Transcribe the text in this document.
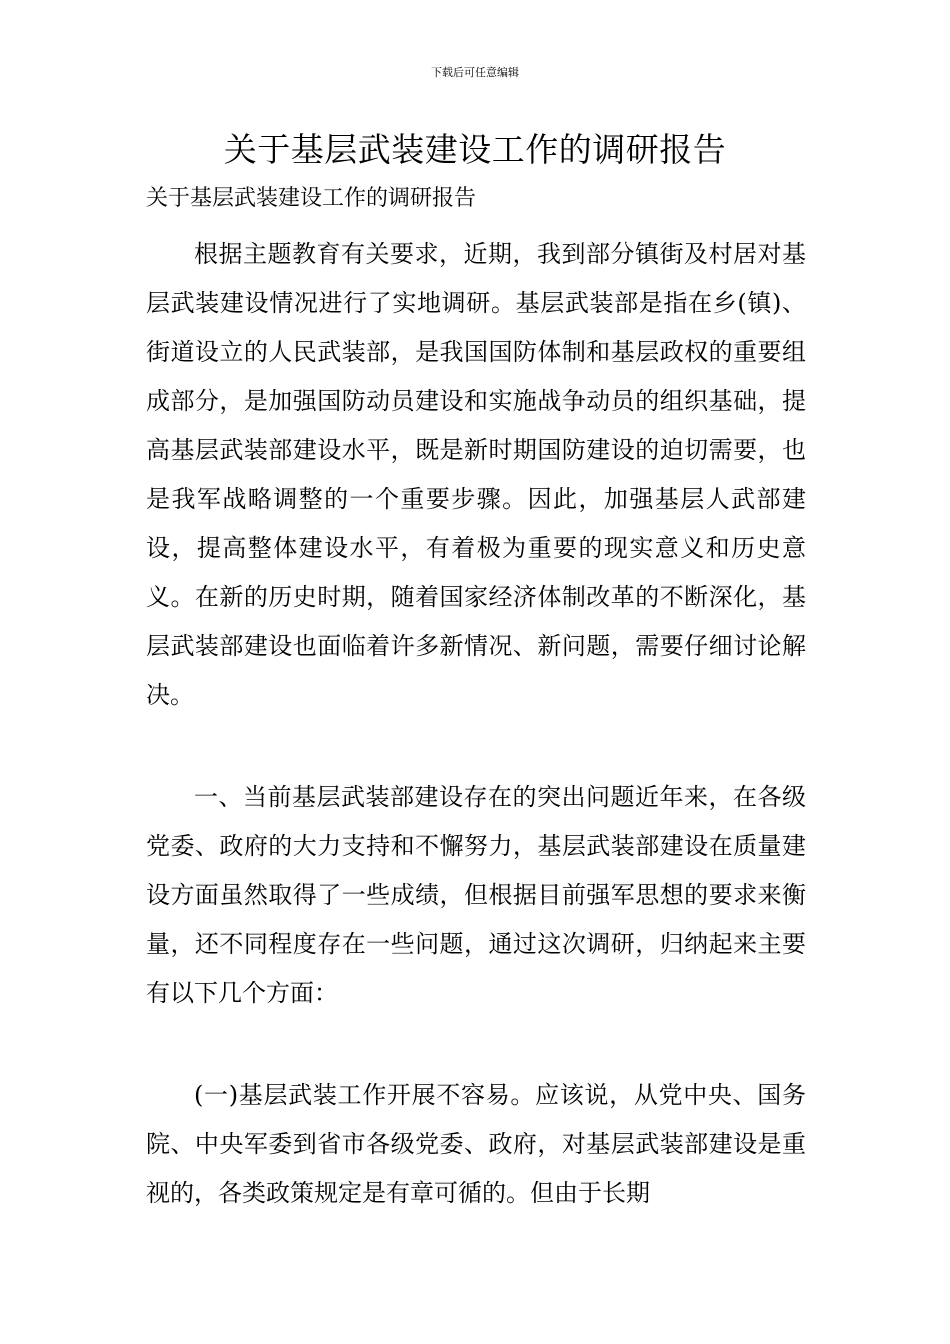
下载后可任意编辑
关于基层武装建设工作的调研报告

关于基层武装建设工作的调研报告

根据主题教育有关要求，近期，我到部分镇街及村居对基层武装建设情况进行了实地调研。基层武装部是指在乡(镇)、街道设立的人民武装部，是我国国防体制和基层政权的重要组成部分，是加强国防动员建设和实施战争动员的组织基础，提高基层武装部建设水平，既是新时期国防建设的迫切需要，也是我军战略调整的一个重要步骤。因此，加强基层人武部建设，提高整体建设水平，有着极为重要的现实意义和历史意义。在新的历史时期，随着国家经济体制改革的不断深化，基层武装部建设也面临着许多新情况、新问题，需要仔细讨论解决。

一、当前基层武装部建设存在的突出问题近年来，在各级党委、政府的大力支持和不懈努力，基层武装部建设在质量建设方面虽然取得了一些成绩，但根据目前强军思想的要求来衡量，还不同程度存在一些问题，通过这次调研，归纳起来主要有以下几个方面：

(一)基层武装工作开展不容易。应该说，从党中央、国务院、中央军委到省市各级党委、政府，对基层武装部建设是重视的，各类政策规定是有章可循的。但由于长期
